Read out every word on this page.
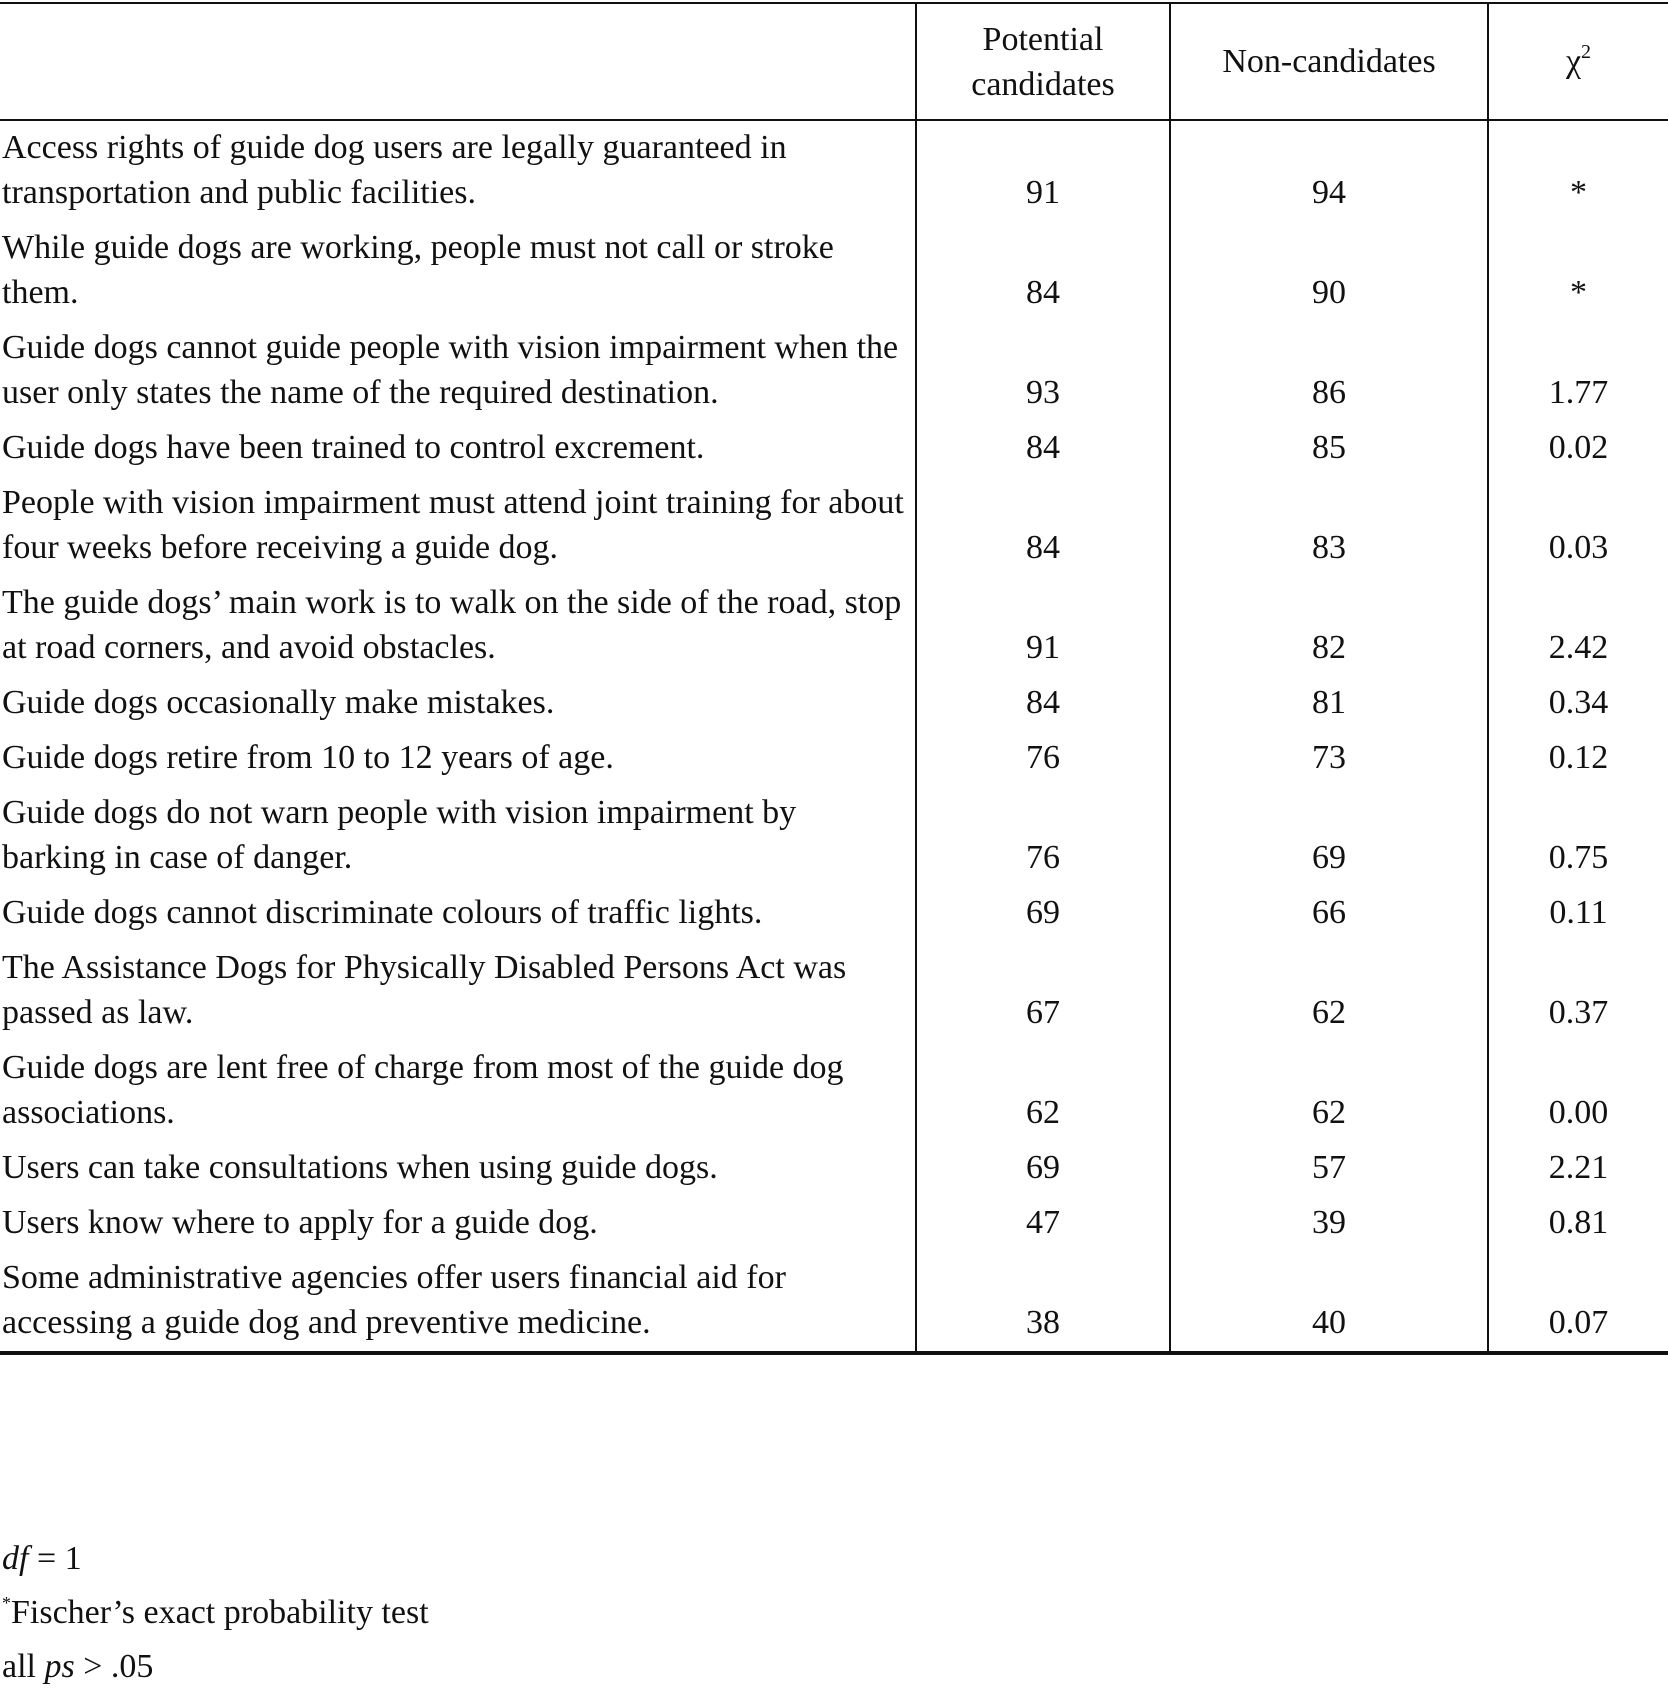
	Potential candidates	Non-candidates	$\chi^2$
Access rights of guide dog users are legally guaranteed in transportation and public facilities.	91	94	*
While guide dogs are working, people must not call or stroke them.	84	90	*
Guide dogs cannot guide people with vision impairment when the user only states the name of the required destination.	93	86	1.77
Guide dogs have been trained to control excrement.	84	85	0.02
People with vision impairment must attend joint training for about four weeks before receiving a guide dog.	84	83	0.03
The guide dogs’ main work is to walk on the side of the road, stop at road corners, and avoid obstacles.	91	82	2.42
Guide dogs occasionally make mistakes.	84	81	0.34
Guide dogs retire from 10 to 12 years of age.	76	73	0.12
Guide dogs do not warn people with vision impairment by barking in case of danger.	76	69	0.75
Guide dogs cannot discriminate colours of traffic lights.	69	66	0.11
The Assistance Dogs for Physically Disabled Persons Act was passed as law.	67	62	0.37
Guide dogs are lent free of charge from most of the guide dog associations.	62	62	0.00
Users can take consultations when using guide dogs.	69	57	2.21
Users know where to apply for a guide dog.	47	39	0.81
Some administrative agencies offer users financial aid for accessing a guide dog and preventive medicine.	38	40	0.07
df = 1
*Fischer’s exact probability test
all ps > .05
